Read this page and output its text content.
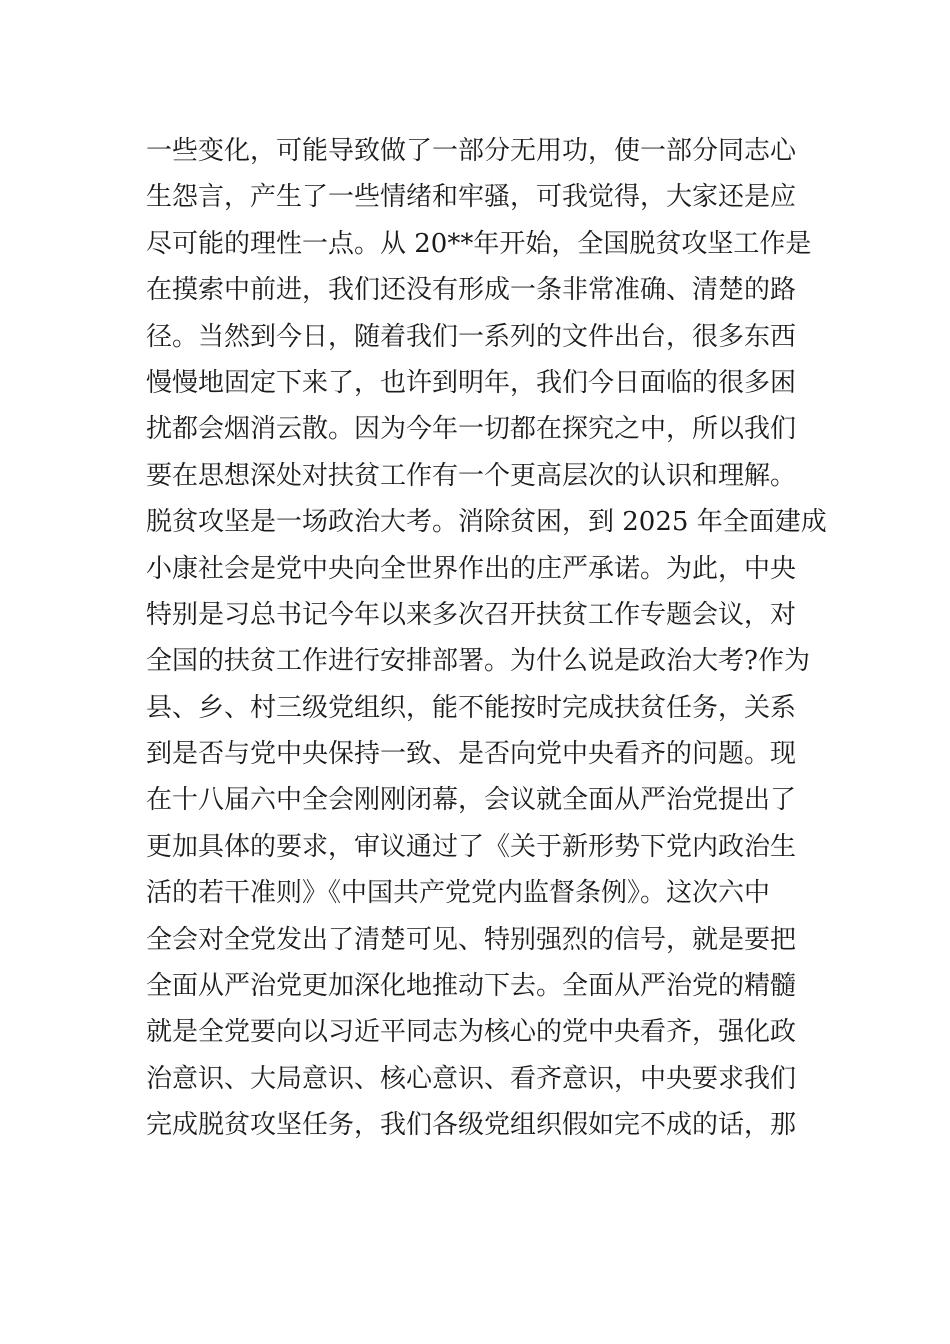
一些变化，可能导致做了一部分无用功，使一部分同志心
生怨言，产生了一些情绪和牢骚，可我觉得，大家还是应
尽可能的理性一点。从 20**年开始，全国脱贫攻坚工作是
在摸索中前进，我们还没有形成一条非常准确、清楚的路
径。当然到今日，随着我们一系列的文件出台，很多东西
慢慢地固定下来了，也许到明年，我们今日面临的很多困
扰都会烟消云散。因为今年一切都在探究之中，所以我们
要在思想深处对扶贫工作有一个更高层次的认识和理解。
脱贫攻坚是一场政治大考。消除贫困，到 2025 年全面建成
小康社会是党中央向全世界作出的庄严承诺。为此，中央
特别是习总书记今年以来多次召开扶贫工作专题会议，对
全国的扶贫工作进行安排部署。为什么说是政治大考?作为
县、乡、村三级党组织，能不能按时完成扶贫任务，关系
到是否与党中央保持一致、是否向党中央看齐的问题。现
在十八届六中全会刚刚闭幕，会议就全面从严治党提出了
更加具体的要求，审议通过了《关于新形势下党内政治生
活的若干准则》《中国共产党党内监督条例》。这次六中
全会对全党发出了清楚可见、特别强烈的信号，就是要把
全面从严治党更加深化地推动下去。全面从严治党的精髓
就是全党要向以习近平同志为核心的党中央看齐，强化政
治意识、大局意识、核心意识、看齐意识，中央要求我们
完成脱贫攻坚任务，我们各级党组织假如完不成的话，那
